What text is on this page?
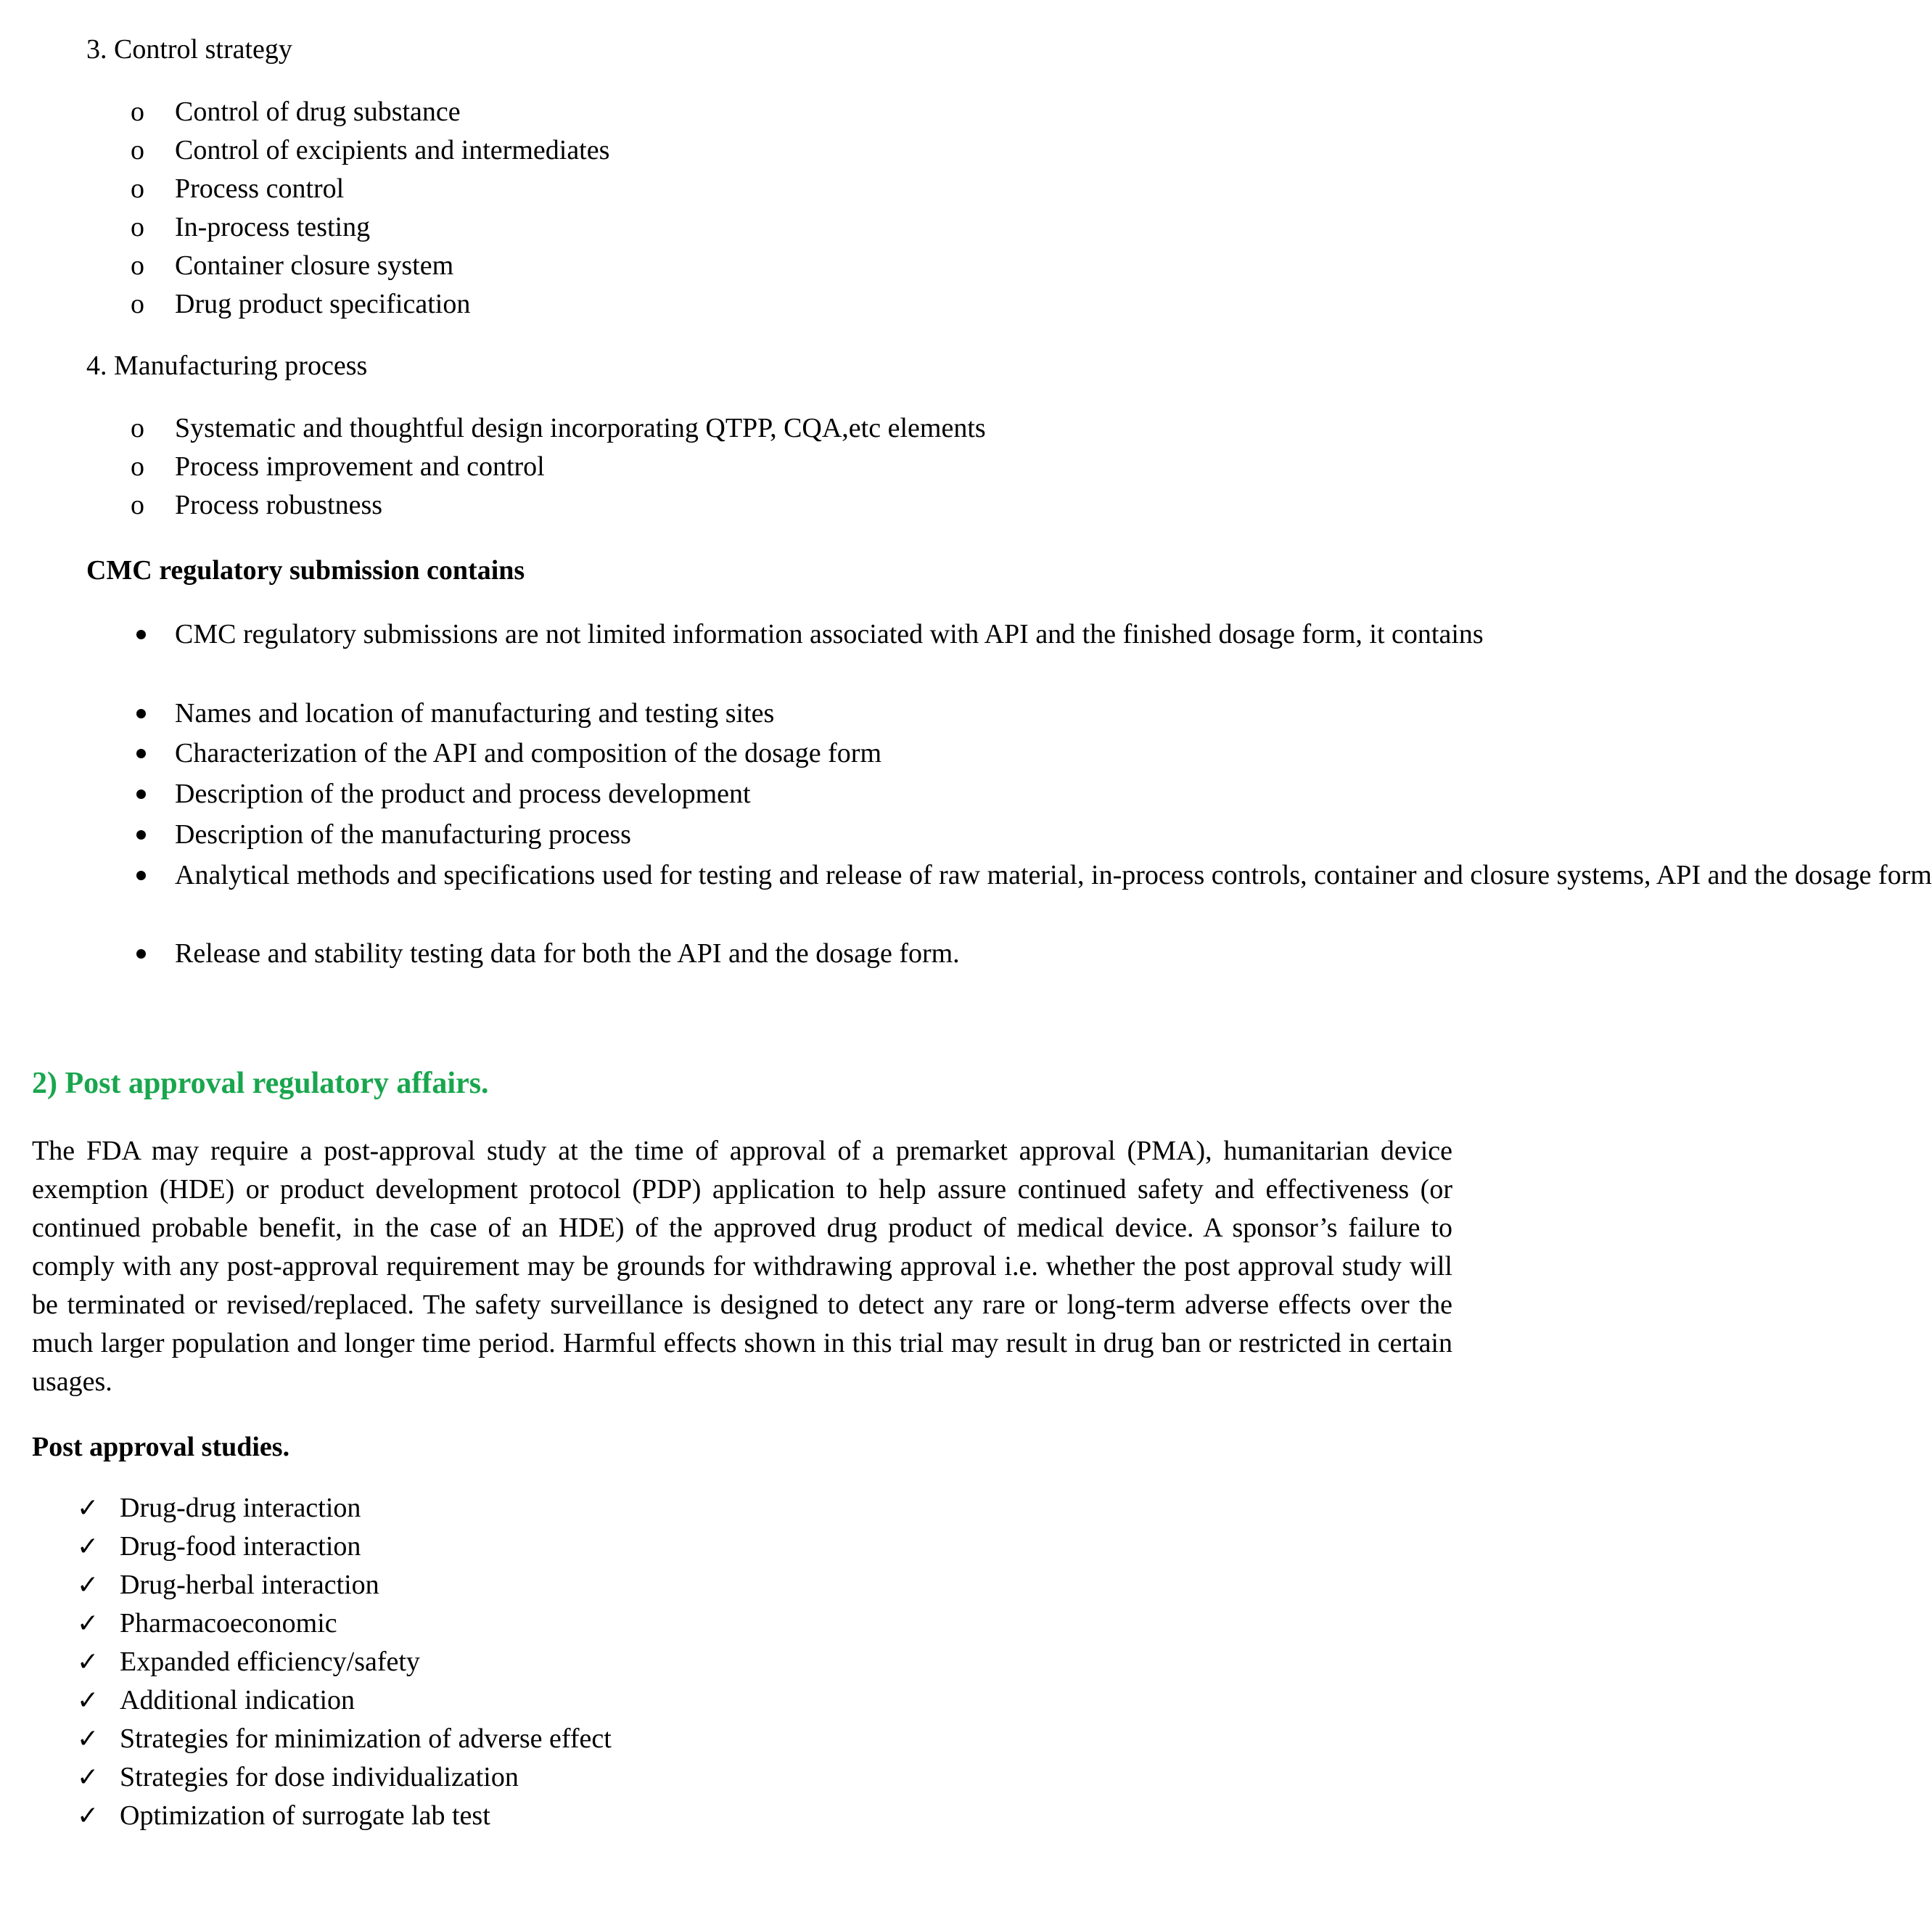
3. Control strategy
o Control of drug substance
o Control of excipients and intermediates
o Process control
o In-process testing
o Container closure system
o Drug product specification
4. Manufacturing process
o Systematic and thoughtful design incorporating QTPP, CQA,etc elements
o Process improvement and control
o Process robustness
CMC regulatory submission contains
CMC regulatory submissions are not limited information associated with API and the finished dosage form, it contains
Names and location of manufacturing and testing sites
Characterization of the API and composition of the dosage form
Description of the product and process development
Description of the manufacturing process
Analytical methods and specifications used for testing and release of raw material, in-process controls, container and closure systems, API and the dosage form
Release and stability testing data for both the API and the dosage form.
2) Post approval regulatory affairs.
The FDA may require a post-approval study at the time of approval of a premarket approval (PMA), humanitarian device exemption (HDE) or product development protocol (PDP) application to help assure continued safety and effectiveness (or continued probable benefit, in the case of an HDE) of the approved drug product of medical device. A sponsor’s failure to comply with any post-approval requirement may be grounds for withdrawing approval i.e. whether the post approval study will be terminated or revised/replaced. The safety surveillance is designed to detect any rare or long-term adverse effects over the much larger population and longer time period. Harmful effects shown in this trial may result in drug ban or restricted in certain usages.
Post approval studies.
✓ Drug-drug interaction
✓ Drug-food interaction
✓ Drug-herbal interaction
✓ Pharmacoeconomic
✓ Expanded efficiency/safety
✓ Additional indication
✓ Strategies for minimization of adverse effect
✓ Strategies for dose individualization
✓ Optimization of surrogate lab test
